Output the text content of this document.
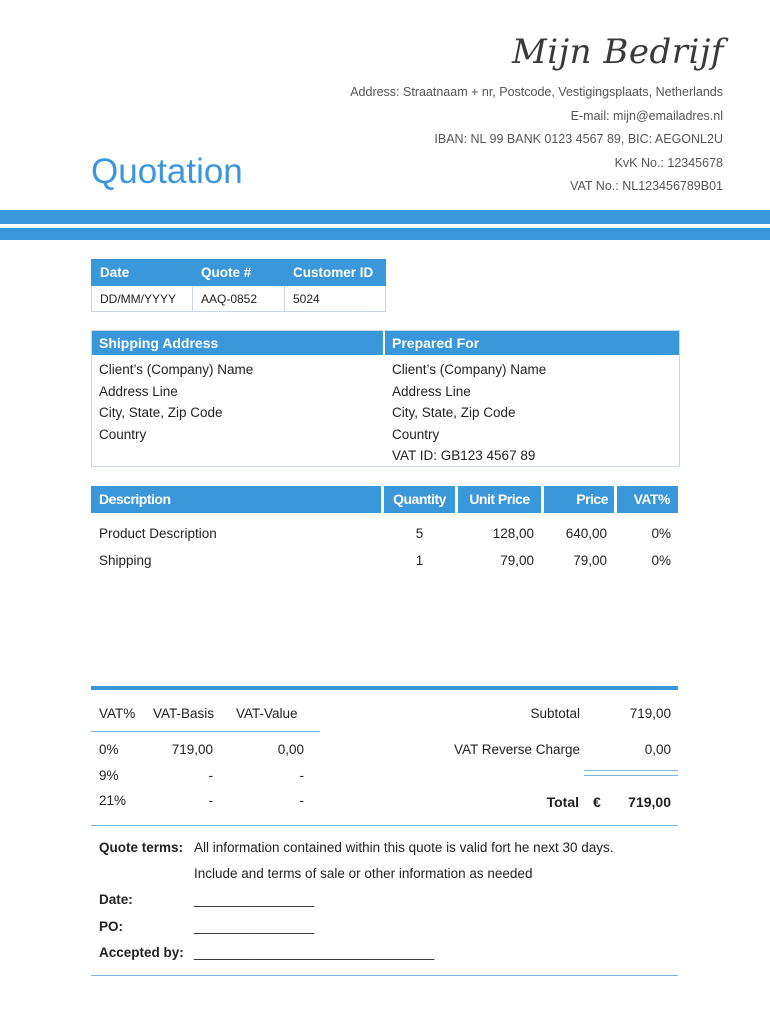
Mijn Bedrijf
Address: Straatnaam + nr, Postcode, Vestigingsplaats, Netherlands
E-mail: mijn@emailadres.nl
IBAN: NL 99 BANK 0123 4567 89, BIC: AEGONL2U
KvK No.: 12345678
VAT No.: NL123456789B01
Quotation
Date	Quote #	Customer ID
DD/MM/YYYY	AAQ-0852	5024
Shipping Address
Client’s (Company) Name
Address Line
City, State, Zip Code
Country
Prepared For
Client’s (Company) Name
Address Line
City, State, Zip Code
Country
VAT ID: GB123 4567 89
Description	Quantity	Unit Price	Price	VAT%
Product Description	5	128,00	640,00	0%
Shipping	1	79,00	79,00	0%
VAT% VAT-Basis VAT-Value
0%	719,00	0,00
9%	-	-
21%	-	-
Subtotal	719,00
VAT Reverse Charge	0,00
Total €	719,00
Quote terms: All information contained within this quote is valid fort he next 30 days.
Include and terms of sale or other information as needed
Date:	________________
PO:	________________
Accepted by: ________________________________
